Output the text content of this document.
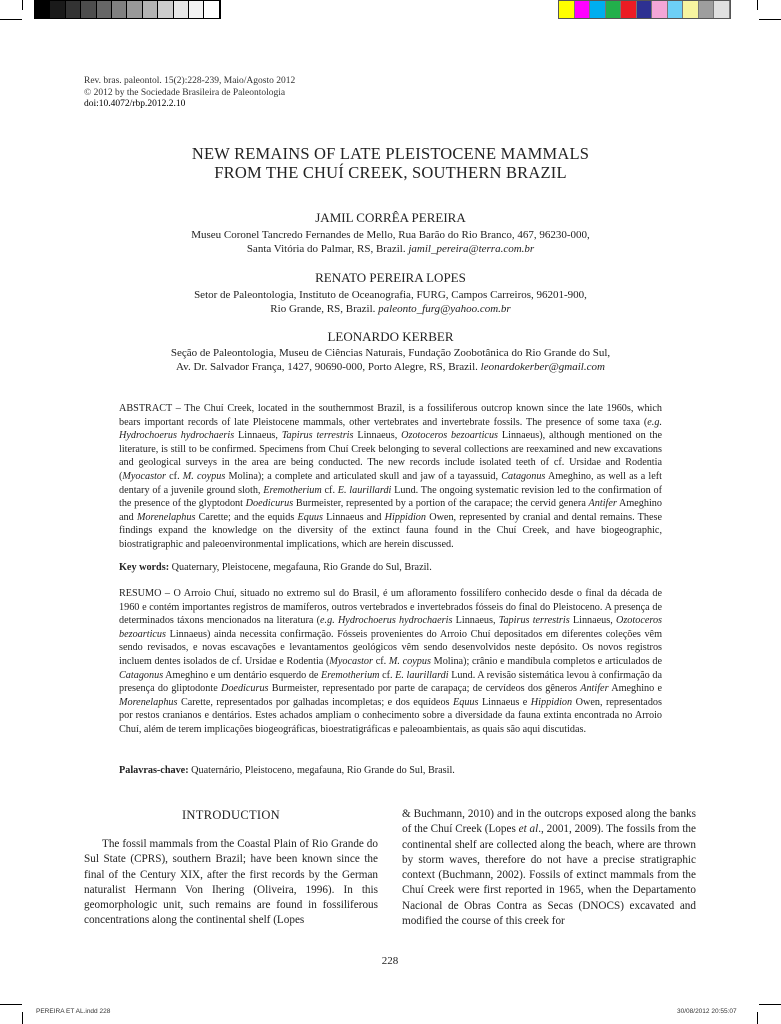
Rev. bras. paleontol. 15(2):228-239, Maio/Agosto 2012
© 2012 by the Sociedade Brasileira de Paleontologia
doi:10.4072/rbp.2012.2.10
NEW REMAINS OF LATE PLEISTOCENE MAMMALS
FROM THE CHUÍ CREEK, SOUTHERN BRAZIL
JAMIL CORRÊA PEREIRA
Museu Coronel Tancredo Fernandes de Mello, Rua Barão do Rio Branco, 467, 96230-000,
Santa Vitória do Palmar, RS, Brazil. jamil_pereira@terra.com.br
RENATO PEREIRA LOPES
Setor de Paleontologia, Instituto de Oceanografia, FURG, Campos Carreiros, 96201-900,
Rio Grande, RS, Brazil. paleonto_furg@yahoo.com.br
LEONARDO KERBER
Seção de Paleontologia, Museu de Ciências Naturais, Fundação Zoobotânica do Rio Grande do Sul,
Av. Dr. Salvador França, 1427, 90690-000, Porto Alegre, RS, Brazil. leonardokerber@gmail.com
ABSTRACT – The Chuí Creek, located in the southernmost Brazil, is a fossiliferous outcrop known since the late 1960s, which bears important records of late Pleistocene mammals, other vertebrates and invertebrate fossils. The presence of some taxa (e.g. Hydrochoerus hydrochaeris Linnaeus, Tapirus terrestris Linnaeus, Ozotoceros bezoarticus Linnaeus), although mentioned on the literature, is still to be confirmed. Specimens from Chuí Creek belonging to several collections are reexamined and new excavations and geological surveys in the area are being conducted. The new records include isolated teeth of cf. Ursidae and Rodentia (Myocastor cf. M. coypus Molina); a complete and articulated skull and jaw of a tayassuid, Catagonus Ameghino, as well as a left dentary of a juvenile ground sloth, Eremotherium cf. E. laurillardi Lund. The ongoing systematic revision led to the confirmation of the presence of the glyptodont Doedicurus Burmeister, represented by a portion of the carapace; the cervid genera Antifer Ameghino and Morenelaphus Carette; and the equids Equus Linnaeus and Hippidion Owen, represented by cranial and dental remains. These findings expand the knowledge on the diversity of the extinct fauna found in the Chuí Creek, and have biogeographic, biostratigraphic and paleoenvironmental implications, which are herein discussed.
Key words: Quaternary, Pleistocene, megafauna, Rio Grande do Sul, Brazil.
RESUMO – O Arroio Chuí, situado no extremo sul do Brasil, é um afloramento fossilífero conhecido desde o final da década de 1960 e contém importantes registros de mamíferos, outros vertebrados e invertebrados fósseis do final do Pleistoceno. A presença de determinados táxons mencionados na literatura (e.g. Hydrochoerus hydrochaeris Linnaeus, Tapirus terrestris Linnaeus, Ozotoceros bezoarticus Linnaeus) ainda necessita confirmação. Fósseis provenientes do Arroio Chuí depositados em diferentes coleções vêm sendo revisados, e novas escavações e levantamentos geológicos vêm sendo desenvolvidos neste depósito. Os novos registros incluem dentes isolados de cf. Ursidae e Rodentia (Myocastor cf. M. coypus Molina); crânio e mandíbula completos e articulados de Catagonus Ameghino e um dentário esquerdo de Eremotherium cf. E. laurillardi Lund. A revisão sistemática levou à confirmação da presença do gliptodonte Doedicurus Burmeister, representado por parte de carapaça; de cervídeos dos gêneros Antifer Ameghino e Morenelaphus Carette, representados por galhadas incompletas; e dos equídeos Equus Linnaeus e Hippidion Owen, representados por restos cranianos e dentários. Estes achados ampliam o conhecimento sobre a diversidade da fauna extinta encontrada no Arroio Chuí, além de terem implicações biogeográficas, bioestratigráficas e paleoambientais, as quais são aqui discutidas.
Palavras-chave: Quaternário, Pleistoceno, megafauna, Rio Grande do Sul, Brasil.
INTRODUCTION
The fossil mammals from the Coastal Plain of Rio Grande do Sul State (CPRS), southern Brazil; have been known since the final of the Century XIX, after the first records by the German naturalist Hermann Von Ihering (Oliveira, 1996). In this geomorphologic unit, such remains are found in fossiliferous concentrations along the continental shelf (Lopes
& Buchmann, 2010) and in the outcrops exposed along the banks of the Chuí Creek (Lopes et al., 2001, 2009). The fossils from the continental shelf are collected along the beach, where are thrown by storm waves, therefore do not have a precise stratigraphic context (Buchmann, 2002). Fossils of extinct mammals from the Chuí Creek were first reported in 1965, when the Departamento Nacional de Obras Contra as Secas (DNOCS) excavated and modified the course of this creek for
228
PEREIRA ET AL.indd 228	30/08/2012 20:55:07
